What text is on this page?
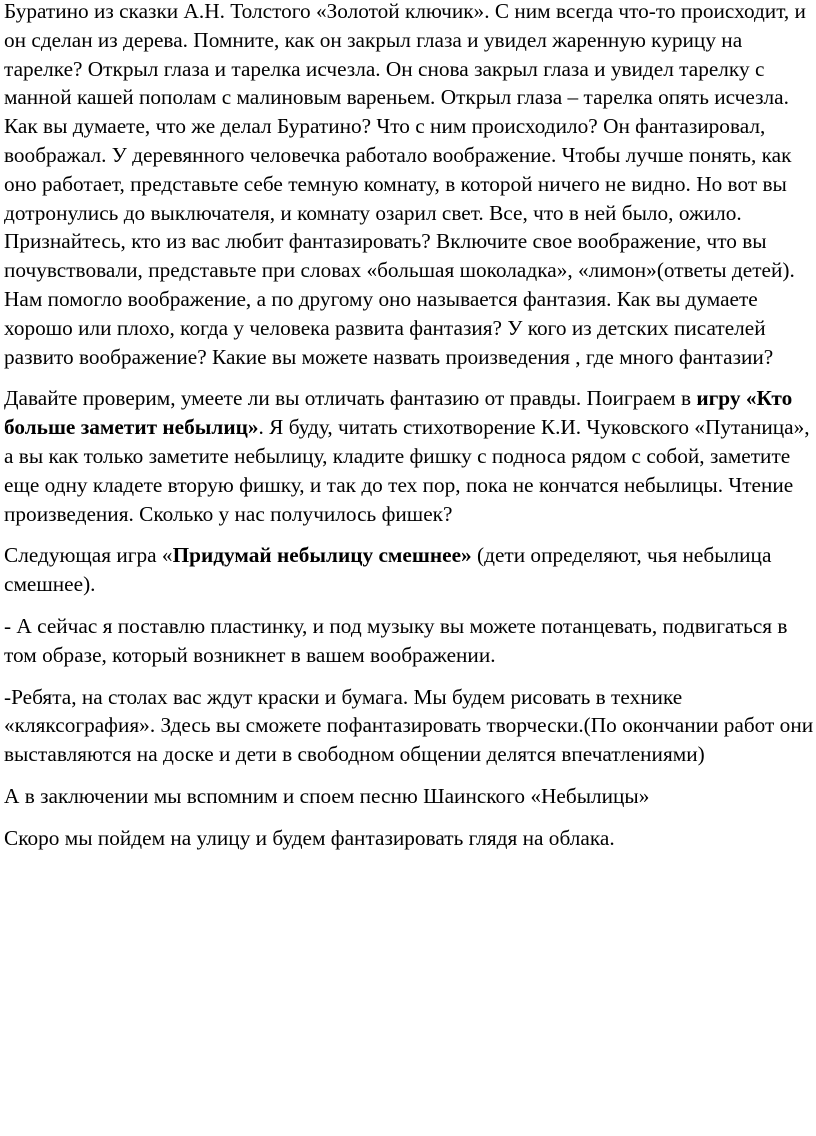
Буратино из сказки А.Н. Толстого «Золотой ключик». С ним всегда что-то происходит, и он сделан из дерева. Помните, как он закрыл глаза и увидел жаренную курицу на тарелке? Открыл глаза и тарелка исчезла. Он снова закрыл глаза и увидел тарелку с манной кашей пополам с малиновым вареньем. Открыл глаза – тарелка опять исчезла. Как вы думаете, что же делал Буратино? Что с ним происходило? Он фантазировал, воображал. У деревянного человечка работало воображение. Чтобы лучше понять, как оно работает, представьте себе темную комнату, в которой ничего не видно. Но вот вы дотронулись до выключателя, и комнату озарил свет. Все, что в ней было, ожило. Признайтесь, кто из вас любит фантазировать? Включите свое воображение, что вы почувствовали, представьте при словах «большая шоколадка», «лимон»(ответы детей). Нам помогло воображение, а по другому оно называется фантазия. Как вы думаете хорошо или плохо, когда у человека развита фантазия? У кого из детских писателей развито воображение? Какие вы можете назвать произведения , где много фантазии?

Давайте проверим, умеете ли вы отличать фантазию от правды. Поиграем в игру «Кто больше заметит небылиц». Я буду, читать стихотворение К.И. Чуковского «Путаница», а вы как только заметите небылицу, кладите фишку с подноса рядом с собой, заметите еще одну кладете вторую фишку, и так до тех пор, пока не кончатся небылицы. Чтение произведения. Сколько у нас получилось фишек?

Следующая игра «Придумай небылицу смешнее» (дети определяют, чья небылица смешнее).

- А сейчас я поставлю пластинку, и под музыку вы можете потанцевать, подвигаться в том образе, который возникнет в вашем воображении.

-Ребята, на столах вас ждут краски и бумага. Мы будем рисовать в технике «кляксография». Здесь вы сможете пофантазировать творчески.(По окончании работ они выставляются на доске и дети в свободном общении делятся впечатлениями)

А в заключении мы вспомним и споем песню Шаинского «Небылицы»

Скоро мы пойдем на улицу и будем фантазировать глядя на облака.
